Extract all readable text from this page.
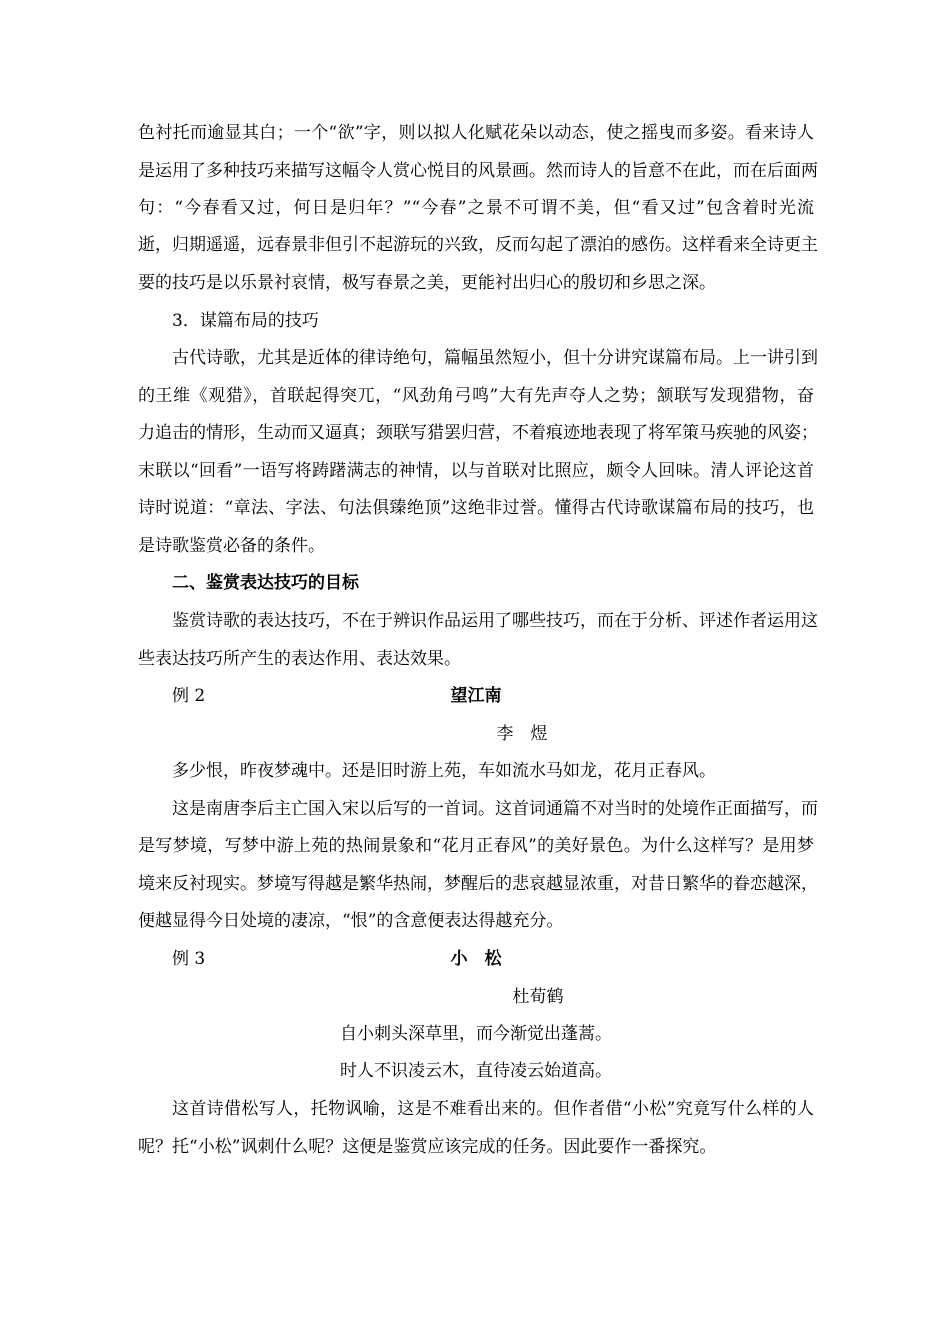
色衬托而逾显其白；一个“欲”字，则以拟人化赋花朵以动态，使之摇曳而多姿。看来诗人
是运用了多种技巧来描写这幅令人赏心悦目的风景画。然而诗人的旨意不在此，而在后面两
句：“今春看又过，何日是归年？”“今春”之景不可谓不美，但“看又过”包含着时光流
逝，归期遥遥，远春景非但引不起游玩的兴致，反而勾起了漂泊的感伤。这样看来全诗更主
要的技巧是以乐景衬哀情，极写春景之美，更能衬出归心的殷切和乡思之深。
3．谋篇布局的技巧
古代诗歌，尤其是近体的律诗绝句，篇幅虽然短小，但十分讲究谋篇布局。上一讲引到
的王维《观猎》，首联起得突兀，“风劲角弓鸣”大有先声夺人之势；颔联写发现猎物，奋
力追击的情形，生动而又逼真；颈联写猎罢归营，不着痕迹地表现了将军策马疾驰的风姿；
末联以“回看”一语写将踌躇满志的神情，以与首联对比照应，颇令人回味。清人评论这首
诗时说道：“章法、字法、句法俱臻绝顶”这绝非过誉。懂得古代诗歌谋篇布局的技巧，也
是诗歌鉴赏必备的条件。
二、鉴赏表达技巧的目标
鉴赏诗歌的表达技巧，不在于辨识作品运用了哪些技巧，而在于分析、评述作者运用这
些表达技巧所产生的表达作用、表达效果。
例 2	望江南
李　煜
多少恨，昨夜梦魂中。还是旧时游上苑，车如流水马如龙，花月正春风。
这是南唐李后主亡国入宋以后写的一首词。这首词通篇不对当时的处境作正面描写，而
是写梦境，写梦中游上苑的热闹景象和“花月正春风”的美好景色。为什么这样写？是用梦
境来反衬现实。梦境写得越是繁华热闹，梦醒后的悲哀越显浓重，对昔日繁华的眷恋越深，
便越显得今日处境的凄凉，“恨”的含意便表达得越充分。
例 3	小　松
杜荀鹤
自小刺头深草里，而今渐觉出蓬蒿。
时人不识凌云木，直待凌云始道高。
这首诗借松写人，托物讽喻，这是不难看出来的。但作者借“小松”究竟写什么样的人
呢？托“小松”讽刺什么呢？这便是鉴赏应该完成的任务。因此要作一番探究。
